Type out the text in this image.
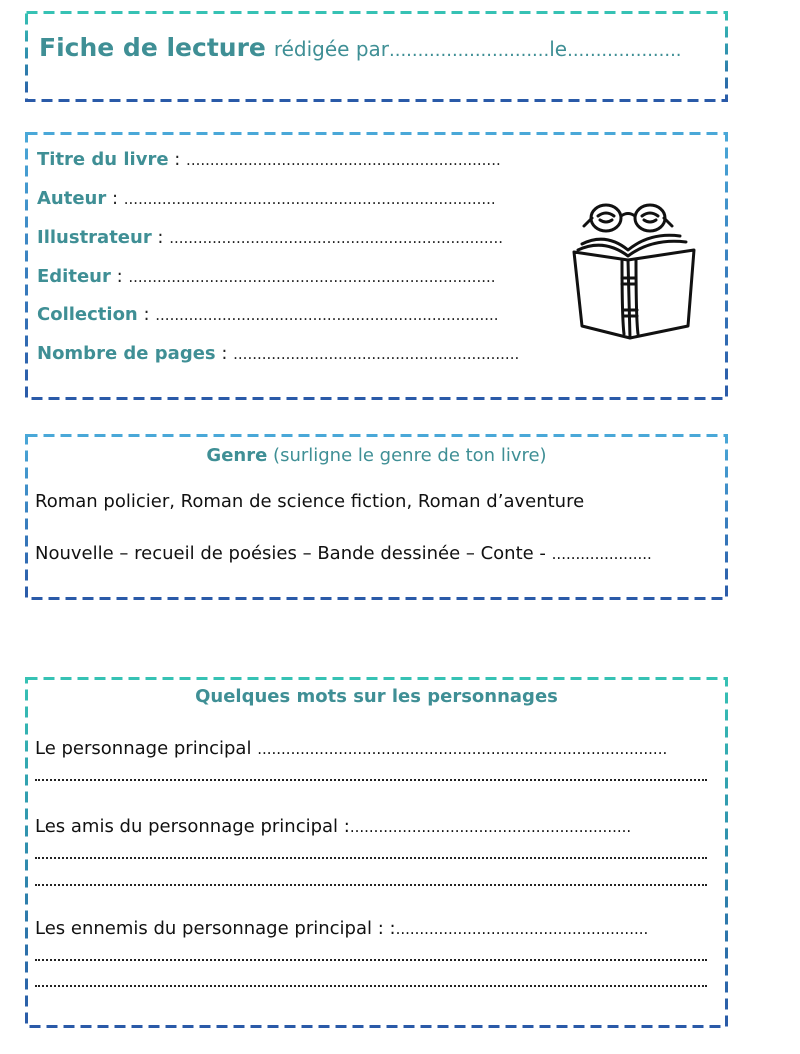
Fiche de lecture rédigée par............................le....................
Titre du livre : ..................................................................
Auteur : ..............................................................................
Illustrateur : ......................................................................
Editeur : .............................................................................
Collection : ........................................................................
Nombre de pages : ............................................................
Genre (surligne le genre de ton livre)
Roman policier, Roman de science fiction, Roman d’aventure
Nouvelle – recueil de poésies – Bande dessinée – Conte - .....................
Quelques mots sur les personnages
Le personnage principal ......................................................................................
Les amis du personnage principal :...........................................................
Les ennemis du personnage principal : :.....................................................
